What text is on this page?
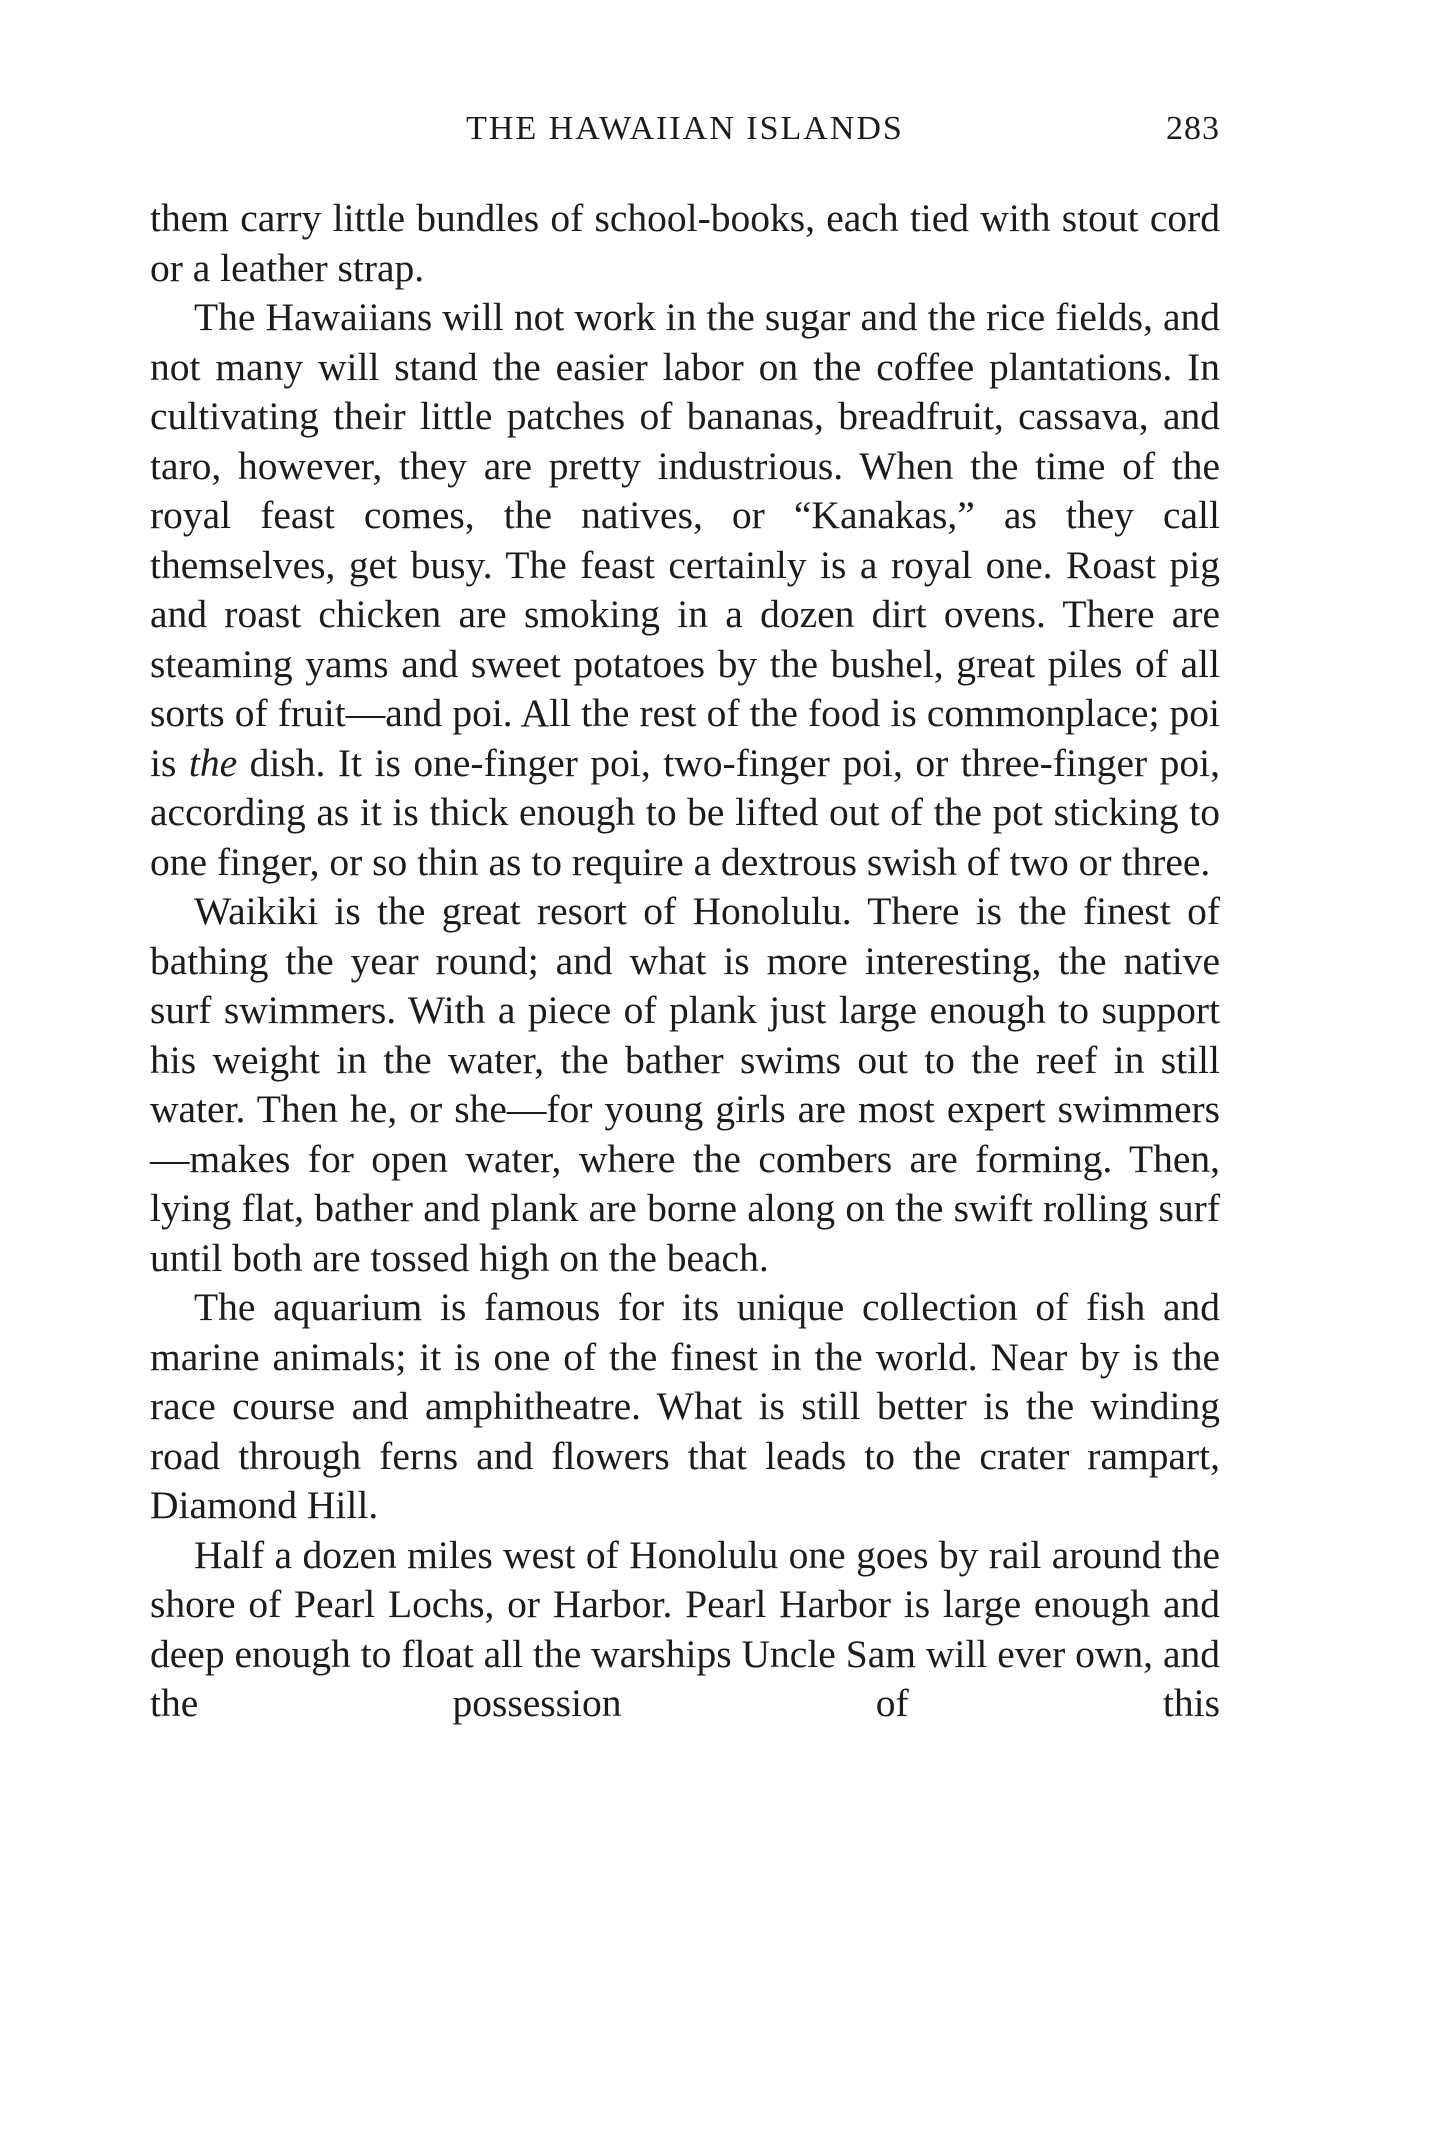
THE HAWAIIAN ISLANDS	283

them carry little bundles of school-books, each tied with stout cord or a leather strap.

The Hawaiians will not work in the sugar and the rice fields, and not many will stand the easier labor on the coffee plantations. In cultivating their little patches of bananas, breadfruit, cassava, and taro, however, they are pretty industrious. When the time of the royal feast comes, the natives, or “Kanakas,” as they call themselves, get busy. The feast certainly is a royal one. Roast pig and roast chicken are smoking in a dozen dirt ovens. There are steaming yams and sweet potatoes by the bushel, great piles of all sorts of fruit—and poi. All the rest of the food is commonplace; poi is the dish. It is one-finger poi, two-finger poi, or three-finger poi, according as it is thick enough to be lifted out of the pot sticking to one finger, or so thin as to require a dextrous swish of two or three.

Waikiki is the great resort of Honolulu. There is the finest of bathing the year round; and what is more interesting, the native surf swimmers. With a piece of plank just large enough to support his weight in the water, the bather swims out to the reef in still water. Then he, or she—for young girls are most expert swimmers—makes for open water, where the combers are forming. Then, lying flat, bather and plank are borne along on the swift rolling surf until both are tossed high on the beach.

The aquarium is famous for its unique collection of fish and marine animals; it is one of the finest in the world. Near by is the race course and amphitheatre. What is still better is the winding road through ferns and flowers that leads to the crater rampart, Diamond Hill.

Half a dozen miles west of Honolulu one goes by rail around the shore of Pearl Lochs, or Harbor. Pearl Harbor is large enough and deep enough to float all the warships Uncle Sam will ever own, and the possession of this
